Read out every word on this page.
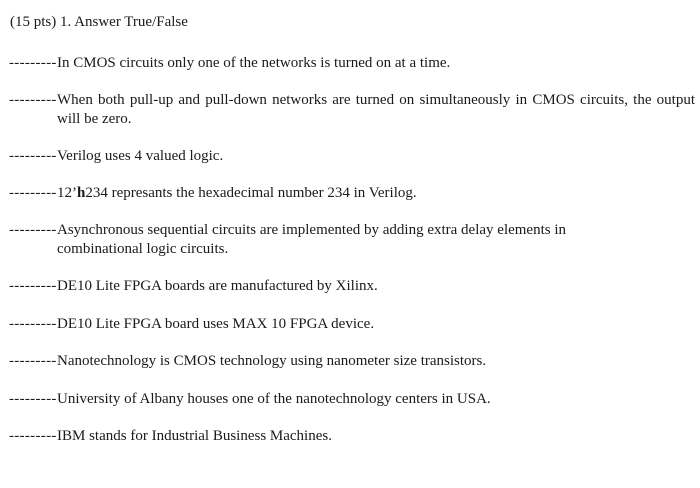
(15 pts) 1. Answer True/False
--------- In CMOS circuits only one of the networks is turned on at a time.
--------- When both pull-up and pull-down networks are turned on simultaneously in CMOS circuits, the output will be zero.
--------- Verilog uses 4 valued logic.
--------- 12’h234 represants the hexadecimal number 234 in Verilog.
--------- Asynchronous sequential circuits are implemented by adding extra delay elements in combinational logic circuits.
--------- DE10 Lite FPGA boards are manufactured by Xilinx.
--------- DE10 Lite FPGA board uses MAX 10 FPGA device.
--------- Nanotechnology is CMOS technology using nanometer size transistors.
--------- University of Albany houses one of the nanotechnology centers in USA.
--------- IBM stands for Industrial Business Machines.
